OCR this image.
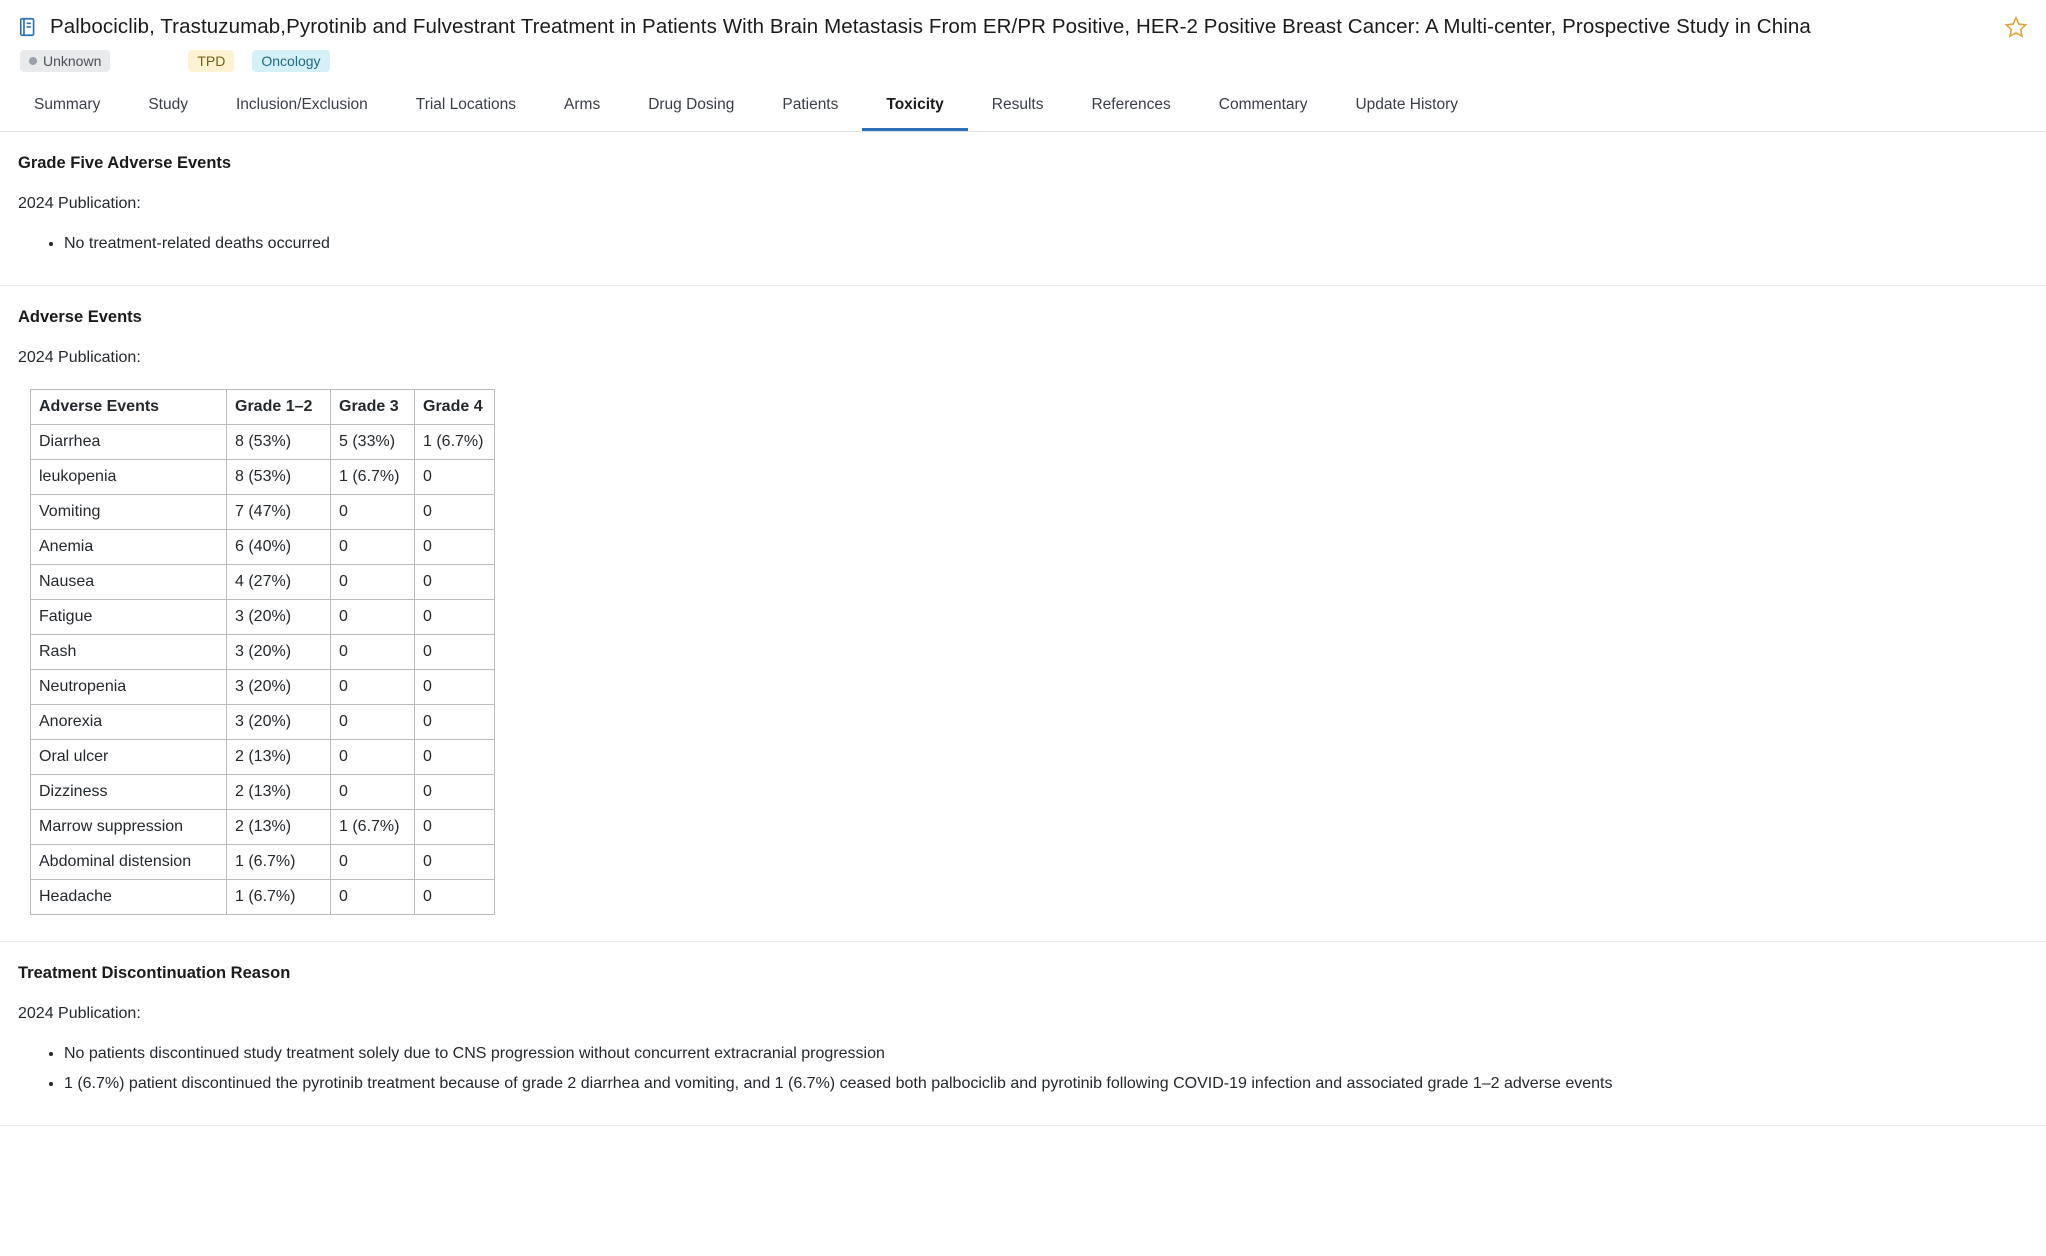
Palbociclib, Trastuzumab,Pyrotinib and Fulvestrant Treatment in Patients With Brain Metastasis From ER/PR Positive, HER-2 Positive Breast Cancer: A Multi-center, Prospective Study in China
Unknown	TPD	Oncology
Summary	Study	Inclusion/Exclusion	Trial Locations	Arms	Drug Dosing	Patients	Toxicity	Results	References	Commentary	Update History
Grade Five Adverse Events
2024 Publication:
• No treatment-related deaths occurred
Adverse Events
2024 Publication:
Adverse Events	Grade 1–2	Grade 3	Grade 4
Diarrhea	8 (53%)	5 (33%)	1 (6.7%)
leukopenia	8 (53%)	1 (6.7%)	0
Vomiting	7 (47%)	0	0
Anemia	6 (40%)	0	0
Nausea	4 (27%)	0	0
Fatigue	3 (20%)	0	0
Rash	3 (20%)	0	0
Neutropenia	3 (20%)	0	0
Anorexia	3 (20%)	0	0
Oral ulcer	2 (13%)	0	0
Dizziness	2 (13%)	0	0
Marrow suppression	2 (13%)	1 (6.7%)	0
Abdominal distension	1 (6.7%)	0	0
Headache	1 (6.7%)	0	0
Treatment Discontinuation Reason
2024 Publication:
• No patients discontinued study treatment solely due to CNS progression without concurrent extracranial progression
• 1 (6.7%) patient discontinued the pyrotinib treatment because of grade 2 diarrhea and vomiting, and 1 (6.7%) ceased both palbociclib and pyrotinib following COVID-19 infection and associated grade 1–2 adverse events
